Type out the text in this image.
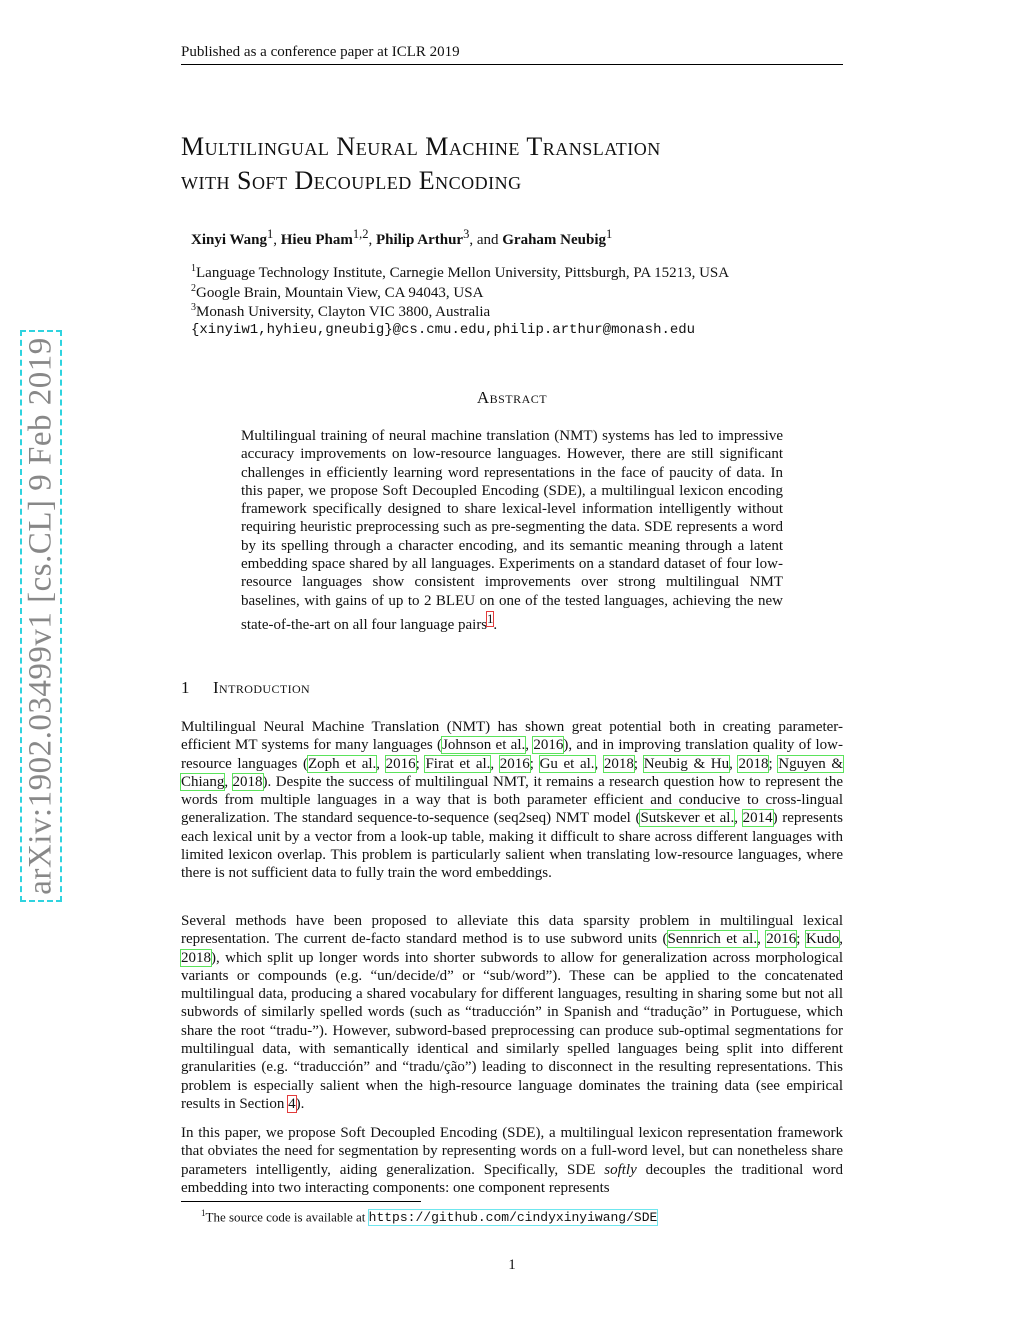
Published as a conference paper at ICLR 2019
arXiv:1902.03499v1 [cs.CL] 9 Feb 2019
Multilingual Neural Machine Translation
with Soft Decoupled Encoding
Xinyi Wang$^1$, Hieu Pham$^{1,2}$, Philip Arthur$^3$, and Graham Neubig$^1$
$^1$Language Technology Institute, Carnegie Mellon University, Pittsburgh, PA 15213, USA
$^2$Google Brain, Mountain View, CA 94043, USA
$^3$Monash University, Clayton VIC 3800, Australia
{xinyiw1,hyhieu,gneubig}@cs.cmu.edu,philip.arthur@monash.edu
Abstract
Multilingual training of neural machine translation (NMT) systems has led to impressive accuracy improvements on low-resource languages. However, there are still significant challenges in efficiently learning word representations in the face of paucity of data. In this paper, we propose Soft Decoupled Encoding (SDE), a multilingual lexicon encoding framework specifically designed to share lexical-level information intelligently without requiring heuristic preprocessing such as pre-segmenting the data. SDE represents a word by its spelling through a character encoding, and its semantic meaning through a latent embedding space shared by all languages. Experiments on a standard dataset of four low-resource languages show consistent improvements over strong multilingual NMT baselines, with gains of up to 2 BLEU on one of the tested languages, achieving the new state-of-the-art on all four language pairs$^1$.
1 Introduction
Multilingual Neural Machine Translation (NMT) has shown great potential both in creating parameter-efficient MT systems for many languages (Johnson et al., 2016), and in improving translation quality of low-resource languages (Zoph et al., 2016; Firat et al., 2016; Gu et al., 2018; Neubig & Hu, 2018; Nguyen & Chiang, 2018). Despite the success of multilingual NMT, it remains a research question how to represent the words from multiple languages in a way that is both parameter efficient and conducive to cross-lingual generalization. The standard sequence-to-sequence (seq2seq) NMT model (Sutskever et al., 2014) represents each lexical unit by a vector from a look-up table, making it difficult to share across different languages with limited lexicon overlap. This problem is particularly salient when translating low-resource languages, where there is not sufficient data to fully train the word embeddings.
Several methods have been proposed to alleviate this data sparsity problem in multilingual lexical representation. The current de-facto standard method is to use subword units (Sennrich et al., 2016; Kudo, 2018), which split up longer words into shorter subwords to allow for generalization across morphological variants or compounds (e.g. “un/decide/d” or “sub/word”). These can be applied to the concatenated multilingual data, producing a shared vocabulary for different languages, resulting in sharing some but not all subwords of similarly spelled words (such as “traducción” in Spanish and “tradução” in Portuguese, which share the root “tradu-”). However, subword-based preprocessing can produce sub-optimal segmentations for multilingual data, with semantically identical and similarly spelled languages being split into different granularities (e.g. “traducción” and “tradu/ção”) leading to disconnect in the resulting representations. This problem is especially salient when the high-resource language dominates the training data (see empirical results in Section 4).
In this paper, we propose Soft Decoupled Encoding (SDE), a multilingual lexicon representation framework that obviates the need for segmentation by representing words on a full-word level, but can nonetheless share parameters intelligently, aiding generalization. Specifically, SDE softly decouples the traditional word embedding into two interacting components: one component represents
$^1$The source code is available at https://github.com/cindyxinyiwang/SDE
1
